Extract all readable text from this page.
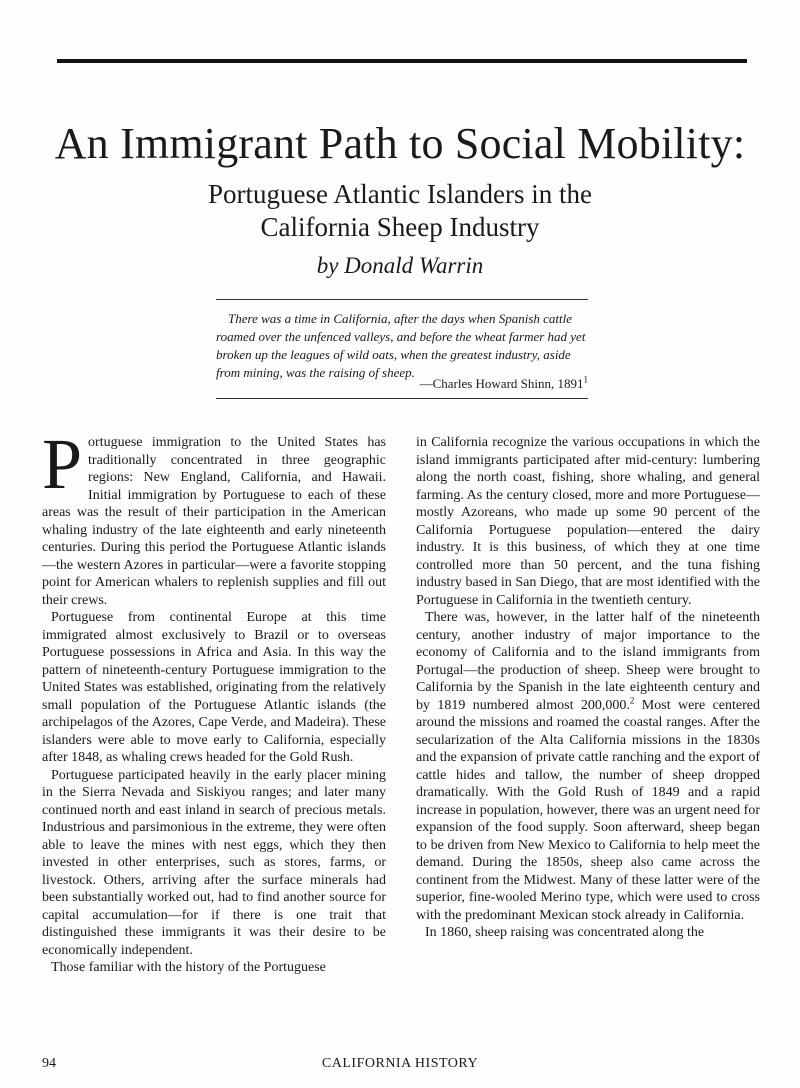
An Immigrant Path to Social Mobility:
Portuguese Atlantic Islanders in the
California Sheep Industry
by Donald Warrin

There was a time in California, after the days when Spanish cattle roamed over the unfenced valleys, and before the wheat farmer had yet broken up the leagues of wild oats, when the greatest industry, aside from mining, was the raising of sheep.

—Charles Howard Shinn, 1891$^1$

Portuguese immigration to the United States has traditionally concentrated in three geographic regions: New England, California, and Hawaii. Initial immigration by Portuguese to each of these areas was the result of their participation in the American whaling industry of the late eighteenth and early nineteenth centuries. During this period the Portuguese Atlantic islands—the western Azores in particular—were a favorite stopping point for American whalers to replenish supplies and fill out their crews.

Portuguese from continental Europe at this time immigrated almost exclusively to Brazil or to overseas Portuguese possessions in Africa and Asia. In this way the pattern of nineteenth-century Portuguese immigration to the United States was established, originating from the relatively small population of the Portuguese Atlantic islands (the archipelagos of the Azores, Cape Verde, and Madeira). These islanders were able to move early to California, especially after 1848, as whaling crews headed for the Gold Rush.

Portuguese participated heavily in the early placer mining in the Sierra Nevada and Siskiyou ranges; and later many continued north and east inland in search of precious metals. Industrious and parsimonious in the extreme, they were often able to leave the mines with nest eggs, which they then invested in other enterprises, such as stores, farms, or livestock. Others, arriving after the surface minerals had been substantially worked out, had to find another source for capital accumulation—for if there is one trait that distinguished these immigrants it was their desire to be economically independent.

Those familiar with the history of the Portuguese

in California recognize the various occupations in which the island immigrants participated after mid-century: lumbering along the north coast, fishing, shore whaling, and general farming. As the century closed, more and more Portuguese—mostly Azoreans, who made up some 90 percent of the California Portuguese population—entered the dairy industry. It is this business, of which they at one time controlled more than 50 percent, and the tuna fishing industry based in San Diego, that are most identified with the Portuguese in California in the twentieth century.

There was, however, in the latter half of the nineteenth century, another industry of major importance to the economy of California and to the island immigrants from Portugal—the production of sheep. Sheep were brought to California by the Spanish in the late eighteenth century and by 1819 numbered almost 200,000.$^2$ Most were centered around the missions and roamed the coastal ranges. After the secularization of the Alta California missions in the 1830s and the expansion of private cattle ranching and the export of cattle hides and tallow, the number of sheep dropped dramatically. With the Gold Rush of 1849 and a rapid increase in population, however, there was an urgent need for expansion of the food supply. Soon afterward, sheep began to be driven from New Mexico to California to help meet the demand. During the 1850s, sheep also came across the continent from the Midwest. Many of these latter were of the superior, fine-wooled Merino type, which were used to cross with the predominant Mexican stock already in California.

In 1860, sheep raising was concentrated along the

94	CALIFORNIA HISTORY
